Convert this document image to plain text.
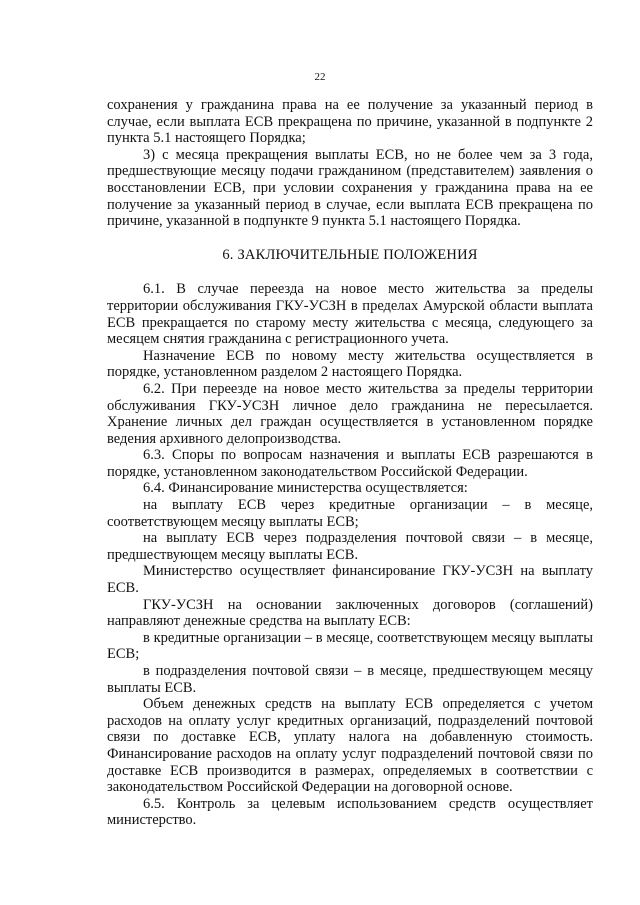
22

сохранения у гражданина права на ее получение за указанный период в случае, если выплата ЕСВ прекращена по причине, указанной в подпункте 2 пункта 5.1 настоящего Порядка;

3) с месяца прекращения выплаты ЕСВ, но не более чем за 3 года, предшествующие месяцу подачи гражданином (представителем) заявления о восстановлении ЕСВ, при условии сохранения у гражданина права на ее получение за указанный период в случае, если выплата ЕСВ прекращена по причине, указанной в подпункте 9 пункта 5.1 настоящего Порядка.

6. ЗАКЛЮЧИТЕЛЬНЫЕ ПОЛОЖЕНИЯ

6.1. В случае переезда на новое место жительства за пределы территории обслуживания ГКУ-УСЗН в пределах Амурской области выплата ЕСВ прекращается по старому месту жительства с месяца, следующего за месяцем снятия гражданина с регистрационного учета.

Назначение ЕСВ по новому месту жительства осуществляется в порядке, установленном разделом 2 настоящего Порядка.

6.2. При переезде на новое место жительства за пределы территории обслуживания ГКУ-УСЗН личное дело гражданина не пересылается. Хранение личных дел граждан осуществляется в установленном порядке ведения архивного делопроизводства.

6.3. Споры по вопросам назначения и выплаты ЕСВ разрешаются в порядке, установленном законодательством Российской Федерации.

6.4. Финансирование министерства осуществляется:

на выплату ЕСВ через кредитные организации – в месяце, соответствующем месяцу выплаты ЕСВ;

на выплату ЕСВ через подразделения почтовой связи – в месяце, предшествующем месяцу выплаты ЕСВ.

Министерство осуществляет финансирование ГКУ-УСЗН на выплату ЕСВ.

ГКУ-УСЗН на основании заключенных договоров (соглашений) направляют денежные средства на выплату ЕСВ:

в кредитные организации – в месяце, соответствующем месяцу выплаты ЕСВ;

в подразделения почтовой связи – в месяце, предшествующем месяцу выплаты ЕСВ.

Объем денежных средств на выплату ЕСВ определяется с учетом расходов на оплату услуг кредитных организаций, подразделений почтовой связи по доставке ЕСВ, уплату налога на добавленную стоимость. Финансирование расходов на оплату услуг подразделений почтовой связи по доставке ЕСВ производится в размерах, определяемых в соответствии с законодательством Российской Федерации на договорной основе.

6.5. Контроль за целевым использованием средств осуществляет министерство.
